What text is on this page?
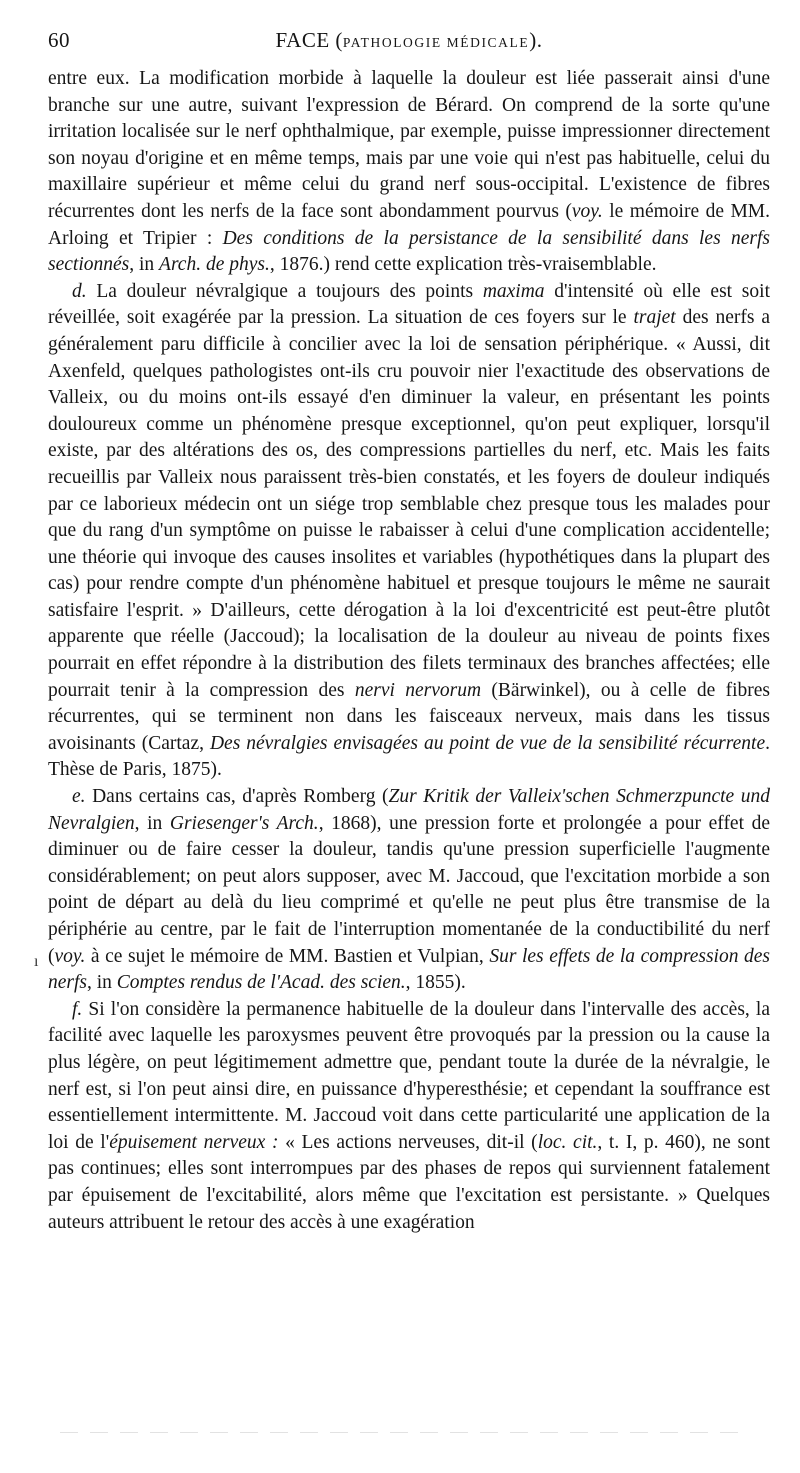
60	FACE (PATHOLOGIE MÉDICALE).

entre eux. La modification morbide à laquelle la douleur est liée passerait ainsi d'une branche sur une autre, suivant l'expression de Bérard. On comprend de la sorte qu'une irritation localisée sur le nerf ophthalmique, par exemple, puisse impressionner directement son noyau d'origine et en même temps, mais par une voie qui n'est pas habituelle, celui du maxillaire supérieur et même celui du grand nerf sous-occipital. L'existence de fibres récurrentes dont les nerfs de la face sont abondamment pourvus (voy. le mémoire de MM. Arloing et Tripier : Des conditions de la persistance de la sensibilité dans les nerfs sectionnés, in Arch. de phys., 1876.) rend cette explication très-vraisemblable.

d. La douleur névralgique a toujours des points maxima d'intensité où elle est soit réveillée, soit exagérée par la pression. La situation de ces foyers sur le trajet des nerfs a généralement paru difficile à concilier avec la loi de sensation périphérique. « Aussi, dit Axenfeld, quelques pathologistes ont-ils cru pouvoir nier l'exactitude des observations de Valleix, ou du moins ont-ils essayé d'en diminuer la valeur, en présentant les points douloureux comme un phénomène presque exceptionnel, qu'on peut expliquer, lorsqu'il existe, par des altérations des os, des compressions partielles du nerf, etc. Mais les faits recueillis par Valleix nous paraissent très-bien constatés, et les foyers de douleur indiqués par ce laborieux médecin ont un siége trop semblable chez presque tous les malades pour que du rang d'un symptôme on puisse le rabaisser à celui d'une complication accidentelle; une théorie qui invoque des causes insolites et variables (hypothétiques dans la plupart des cas) pour rendre compte d'un phénomène habituel et presque toujours le même ne saurait satisfaire l'esprit. » D'ailleurs, cette dérogation à la loi d'excentricité est peut-être plutôt apparente que réelle (Jaccoud); la localisation de la douleur au niveau de points fixes pourrait en effet répondre à la distribution des filets terminaux des branches affectées; elle pourrait tenir à la compression des nervi nervorum (Bärwinkel), ou à celle de fibres récurrentes, qui se terminent non dans les faisceaux nerveux, mais dans les tissus avoisinants (Cartaz, Des névralgies envisagées au point de vue de la sensibilité récurrente. Thèse de Paris, 1875).

e. Dans certains cas, d'après Romberg (Zur Kritik der Valleix'schen Schmerzpuncte und Nevralgien, in Griesenger's Arch., 1868), une pression forte et prolongée a pour effet de diminuer ou de faire cesser la douleur, tandis qu'une pression superficielle l'augmente considérablement; on peut alors supposer, avec M. Jaccoud, que l'excitation morbide a son point de départ au delà du lieu comprimé et qu'elle ne peut plus être transmise de la périphérie au centre, par le fait de l'interruption momentanée de la conductibilité du nerf (voy. à ce sujet le mémoire de MM. Bastien et Vulpian, Sur les effets de la compression des nerfs, in Comptes rendus de l'Acad. des scien., 1855).

f. Si l'on considère la permanence habituelle de la douleur dans l'intervalle des accès, la facilité avec laquelle les paroxysmes peuvent être provoqués par la pression ou la cause la plus légère, on peut légitimement admettre que, pendant toute la durée de la névralgie, le nerf est, si l'on peut ainsi dire, en puissance d'hyperesthésie; et cependant la souffrance est essentiellement intermittente. M. Jaccoud voit dans cette particularité une application de la loi de l'épuisement nerveux : « Les actions nerveuses, dit-il (loc. cit., t. I, p. 460), ne sont pas continues; elles sont interrompues par des phases de repos qui surviennent fatalement par épuisement de l'excitabilité, alors même que l'excitation est persistante. » Quelques auteurs attribuent le retour des accès à une exagération

ı
